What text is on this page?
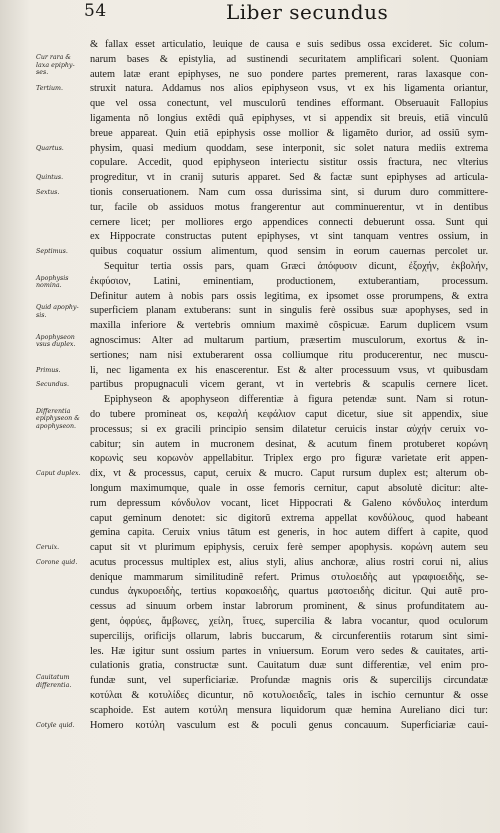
54	Liber secundus
Cur rara &
laxa epiphy-
ses.
Tertium.
Quartus.
Quintus.
Sextus.
Septimus.
Apophysis
nomina.
Quid apophy-
sis.
Apophyseon
vsus duplex.
Primus.
Secundus.
Differentia
epiphyseon &
apophyseon.
Caput duplex.
Ceruix.
Corone quid.
Cauitatum
differentia.
Cotyle quid.
& fallax esset articulatio, leuique de causa e suis sedibus ossa excideret. Sic colum-
narum bases & epistylia, ad sustinendi securitatem amplificari solent. Quoniam
autem latæ erant epiphyses, ne suo pondere partes premerent, raras laxasque con-
struxit natura. Addamus nos alios epiphyseon vsus, vt ex his ligamenta oriantur,
que vel ossa conectunt, vel musculorũ tendines efformant. Obseruauit Fallopius
ligamenta nõ longius extẽdi quã epiphyses, vt si appendix sit breuis, etiã vinculũ
breue appareat. Quin etiã epiphysis osse mollior & ligamẽto durior, ad ossiũ sym-
physim, quasi medium quoddam, sese interponit, sic solet natura mediis extrema
copulare. Accedit, quod epiphyseon interiectu sistitur ossis fractura, nec vlterius
progreditur, vt in cranij suturis apparet. Sed & factæ sunt epiphyses ad articula-
tionis conseruationem. Nam cum ossa durissima sint, si durum duro committere-
tur, facile ob assiduos motus frangerentur aut comminuerentur, vt in dentibus
cernere licet; per molliores ergo appendices connecti debuerunt ossa. Sunt qui
ex Hippocrate constructas putent epiphyses, vt sint tanquam ventres ossium, in
quibus coquatur ossium alimentum, quod sensim in eorum cauernas percolet ur.
Sequitur tertia ossis pars, quam Græci ἀπόφυσιν dicunt, ἐξοχήν, ἐκβολήν,
ἐκφύσιον, Latini, eminentiam, productionem, extuberantiam, processum.
Definitur autem à nobis pars ossis legitima, ex ipsomet osse prorumpens, & extra
superficiem planam extuberans: sunt in singulis ferè ossibus suæ apophyses, sed in
maxilla inferiore & vertebris omnium maximè cõspicuæ. Earum duplicem vsum
agnoscimus: Alter ad multarum partium, præsertim musculorum, exortus & in-
sertiones; nam nisi extuberarent ossa colliumque ritu producerentur, nec muscu-
li, nec ligamenta ex his enascerentur. Est & alter processuum vsus, vt quibusdam
partibus propugnaculi vicem gerant, vt in vertebris & scapulis cernere licet.
Epiphyseon & apophyseon differentiæ à figura petendæ sunt. Nam si rotun-
do tubere promineat os, κεφαλή κεφάλιον caput dicetur, siue sit appendix, siue
processus; si ex gracili principio sensim dilatetur ceruicis instar αὐχήν ceruix vo-
cabitur; sin autem in mucronem desinat, & acutum finem protuberet κορώνη
κορωνὶς seu κορωνὸν appellabitur. Triplex ergo pro figuræ varietate erit appen-
dix, vt & processus, caput, ceruix & mucro. Caput rursum duplex est; alterum ob-
longum maximumque, quale in osse femoris cernitur, caput absolutè dicitur: alte-
rum depressum κόνδυλον vocant, licet Hippocrati & Galeno κόνδυλος interdum
caput geminum denotet: sic digitorũ extrema appellat κονδύλους, quod habeant
gemina capita. Ceruix vnius tãtum est generis, in hoc autem differt à capite, quod
caput sit vt plurimum epiphysis, ceruix ferè semper apophysis. κορώνη autem seu
acutus processus multiplex est, alius styli, alius anchoræ, alius rostri corui ni, alius
denique mammarum similitudinẽ refert. Primus στυλοειδὴς aut γραφιοειδὴς, se-
cundus ἀγκυροειδὴς, tertius κορακοειδὴς, quartus μαστοειδὴς dicitur. Qui autẽ pro-
cessus ad sinuum orbem instar labrorum prominent, & sinus profunditatem au-
gent, ὀφρύες, ἄμβωνες, χείλη, ἴτυες, supercilia & labra vocantur, quod oculorum
supercilijs, orificijs ollarum, labris buccarum, & circunferentiis rotarum sint simi-
les. Hæ igitur sunt ossium partes in vniuersum. Eorum vero sedes & cauitates, arti-
culationis gratia, constructæ sunt. Cauitatum duæ sunt differentiæ, vel enim pro-
fundæ sunt, vel superficiariæ. Profundæ magnis oris & supercilijs circundatæ
κοτύλαι & κοτυλίδες dicuntur, nõ κοτυλοειδεῖς, tales in ischio cernuntur & osse
scaphoide. Est autem κοτύλη mensura liquidorum quæ hemina Aureliano dici tur:
Homero κοτύλη vasculum est & poculi genus concauum. Superficiariæ caui-
